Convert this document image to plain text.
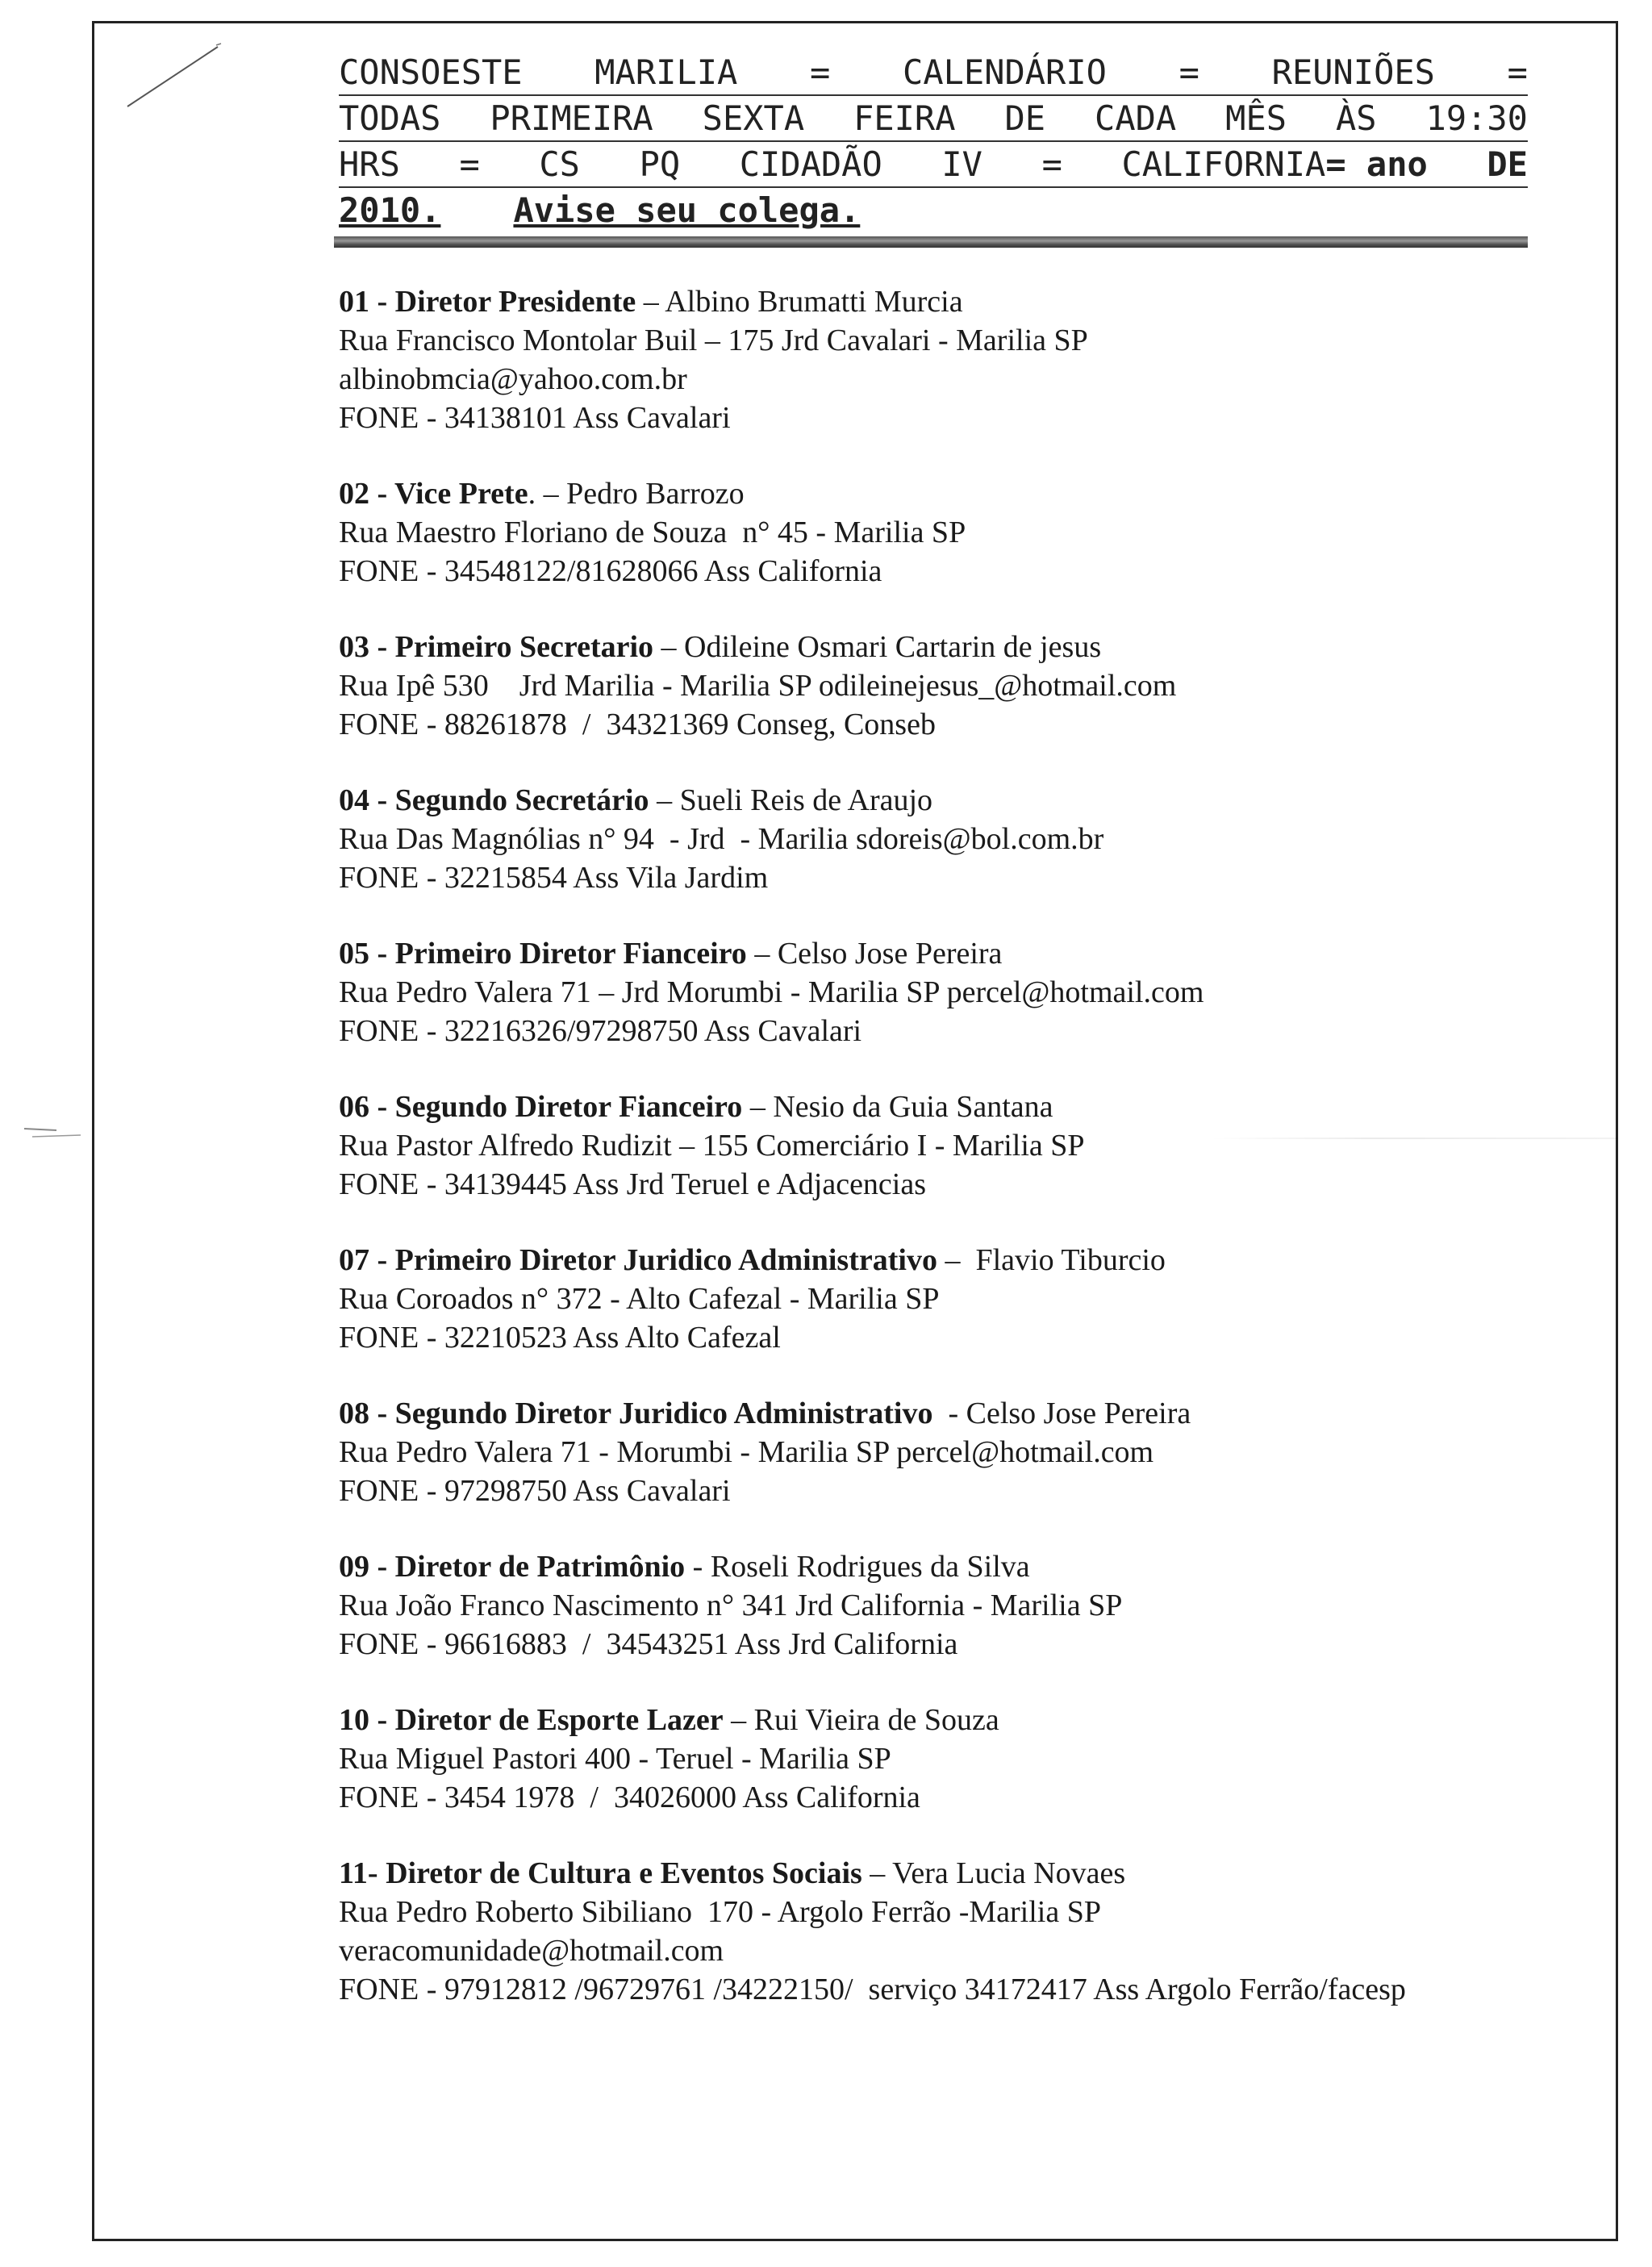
CONSOESTE MARILIA = CALENDÁRIO = REUNIÕES =
TODAS PRIMEIRA SEXTA FEIRA DE CADA MÊS ÀS 19:30
HRS = CS PQ CIDADÃO IV = CALIFORNIA = ano DE
2010. Avise seu colega.
01 - Diretor Presidente – Albino Brumatti Murcia
Rua Francisco Montolar Buil – 175 Jrd Cavalari - Marilia SP
albinobmcia@yahoo.com.br
FONE - 34138101 Ass Cavalari
02 - Vice Prete. – Pedro Barrozo
Rua Maestro Floriano de Souza  n° 45 - Marilia SP
FONE - 34548122/81628066 Ass California
03 - Primeiro Secretario – Odileine Osmari Cartarin de jesus
Rua Ipê 530    Jrd Marilia - Marilia SP odileinejesus_@hotmail.com
FONE - 88261878  /  34321369 Conseg, Conseb
04 - Segundo Secretário – Sueli Reis de Araujo
Rua Das Magnólias n° 94  - Jrd  - Marilia sdoreis@bol.com.br
FONE - 32215854 Ass Vila Jardim
05 - Primeiro Diretor Fianceiro – Celso Jose Pereira
Rua Pedro Valera 71 – Jrd Morumbi - Marilia SP percel@hotmail.com
FONE - 32216326/97298750 Ass Cavalari
06 - Segundo Diretor Fianceiro – Nesio da Guia Santana
Rua Pastor Alfredo Rudizit – 155 Comerciário I - Marilia SP
FONE - 34139445 Ass Jrd Teruel e Adjacencias
07 - Primeiro Diretor Juridico Administrativo –  Flavio Tiburcio
Rua Coroados n° 372 - Alto Cafezal - Marilia SP
FONE - 32210523 Ass Alto Cafezal
08 - Segundo Diretor Juridico Administrativo  - Celso Jose Pereira
Rua Pedro Valera 71 - Morumbi - Marilia SP percel@hotmail.com
FONE - 97298750 Ass Cavalari
09 - Diretor de Patrimônio - Roseli Rodrigues da Silva
Rua João Franco Nascimento n° 341 Jrd California - Marilia SP
FONE - 96616883  /  34543251 Ass Jrd California
10 - Diretor de Esporte Lazer – Rui Vieira de Souza
Rua Miguel Pastori 400 - Teruel - Marilia SP
FONE - 3454 1978  /  34026000 Ass California
11- Diretor de Cultura e Eventos Sociais – Vera Lucia Novaes
Rua Pedro Roberto Sibiliano  170 - Argolo Ferrão -Marilia SP
veracomunidade@hotmail.com
FONE - 97912812 /96729761 /34222150/  serviço 34172417 Ass Argolo Ferrão/facesp
